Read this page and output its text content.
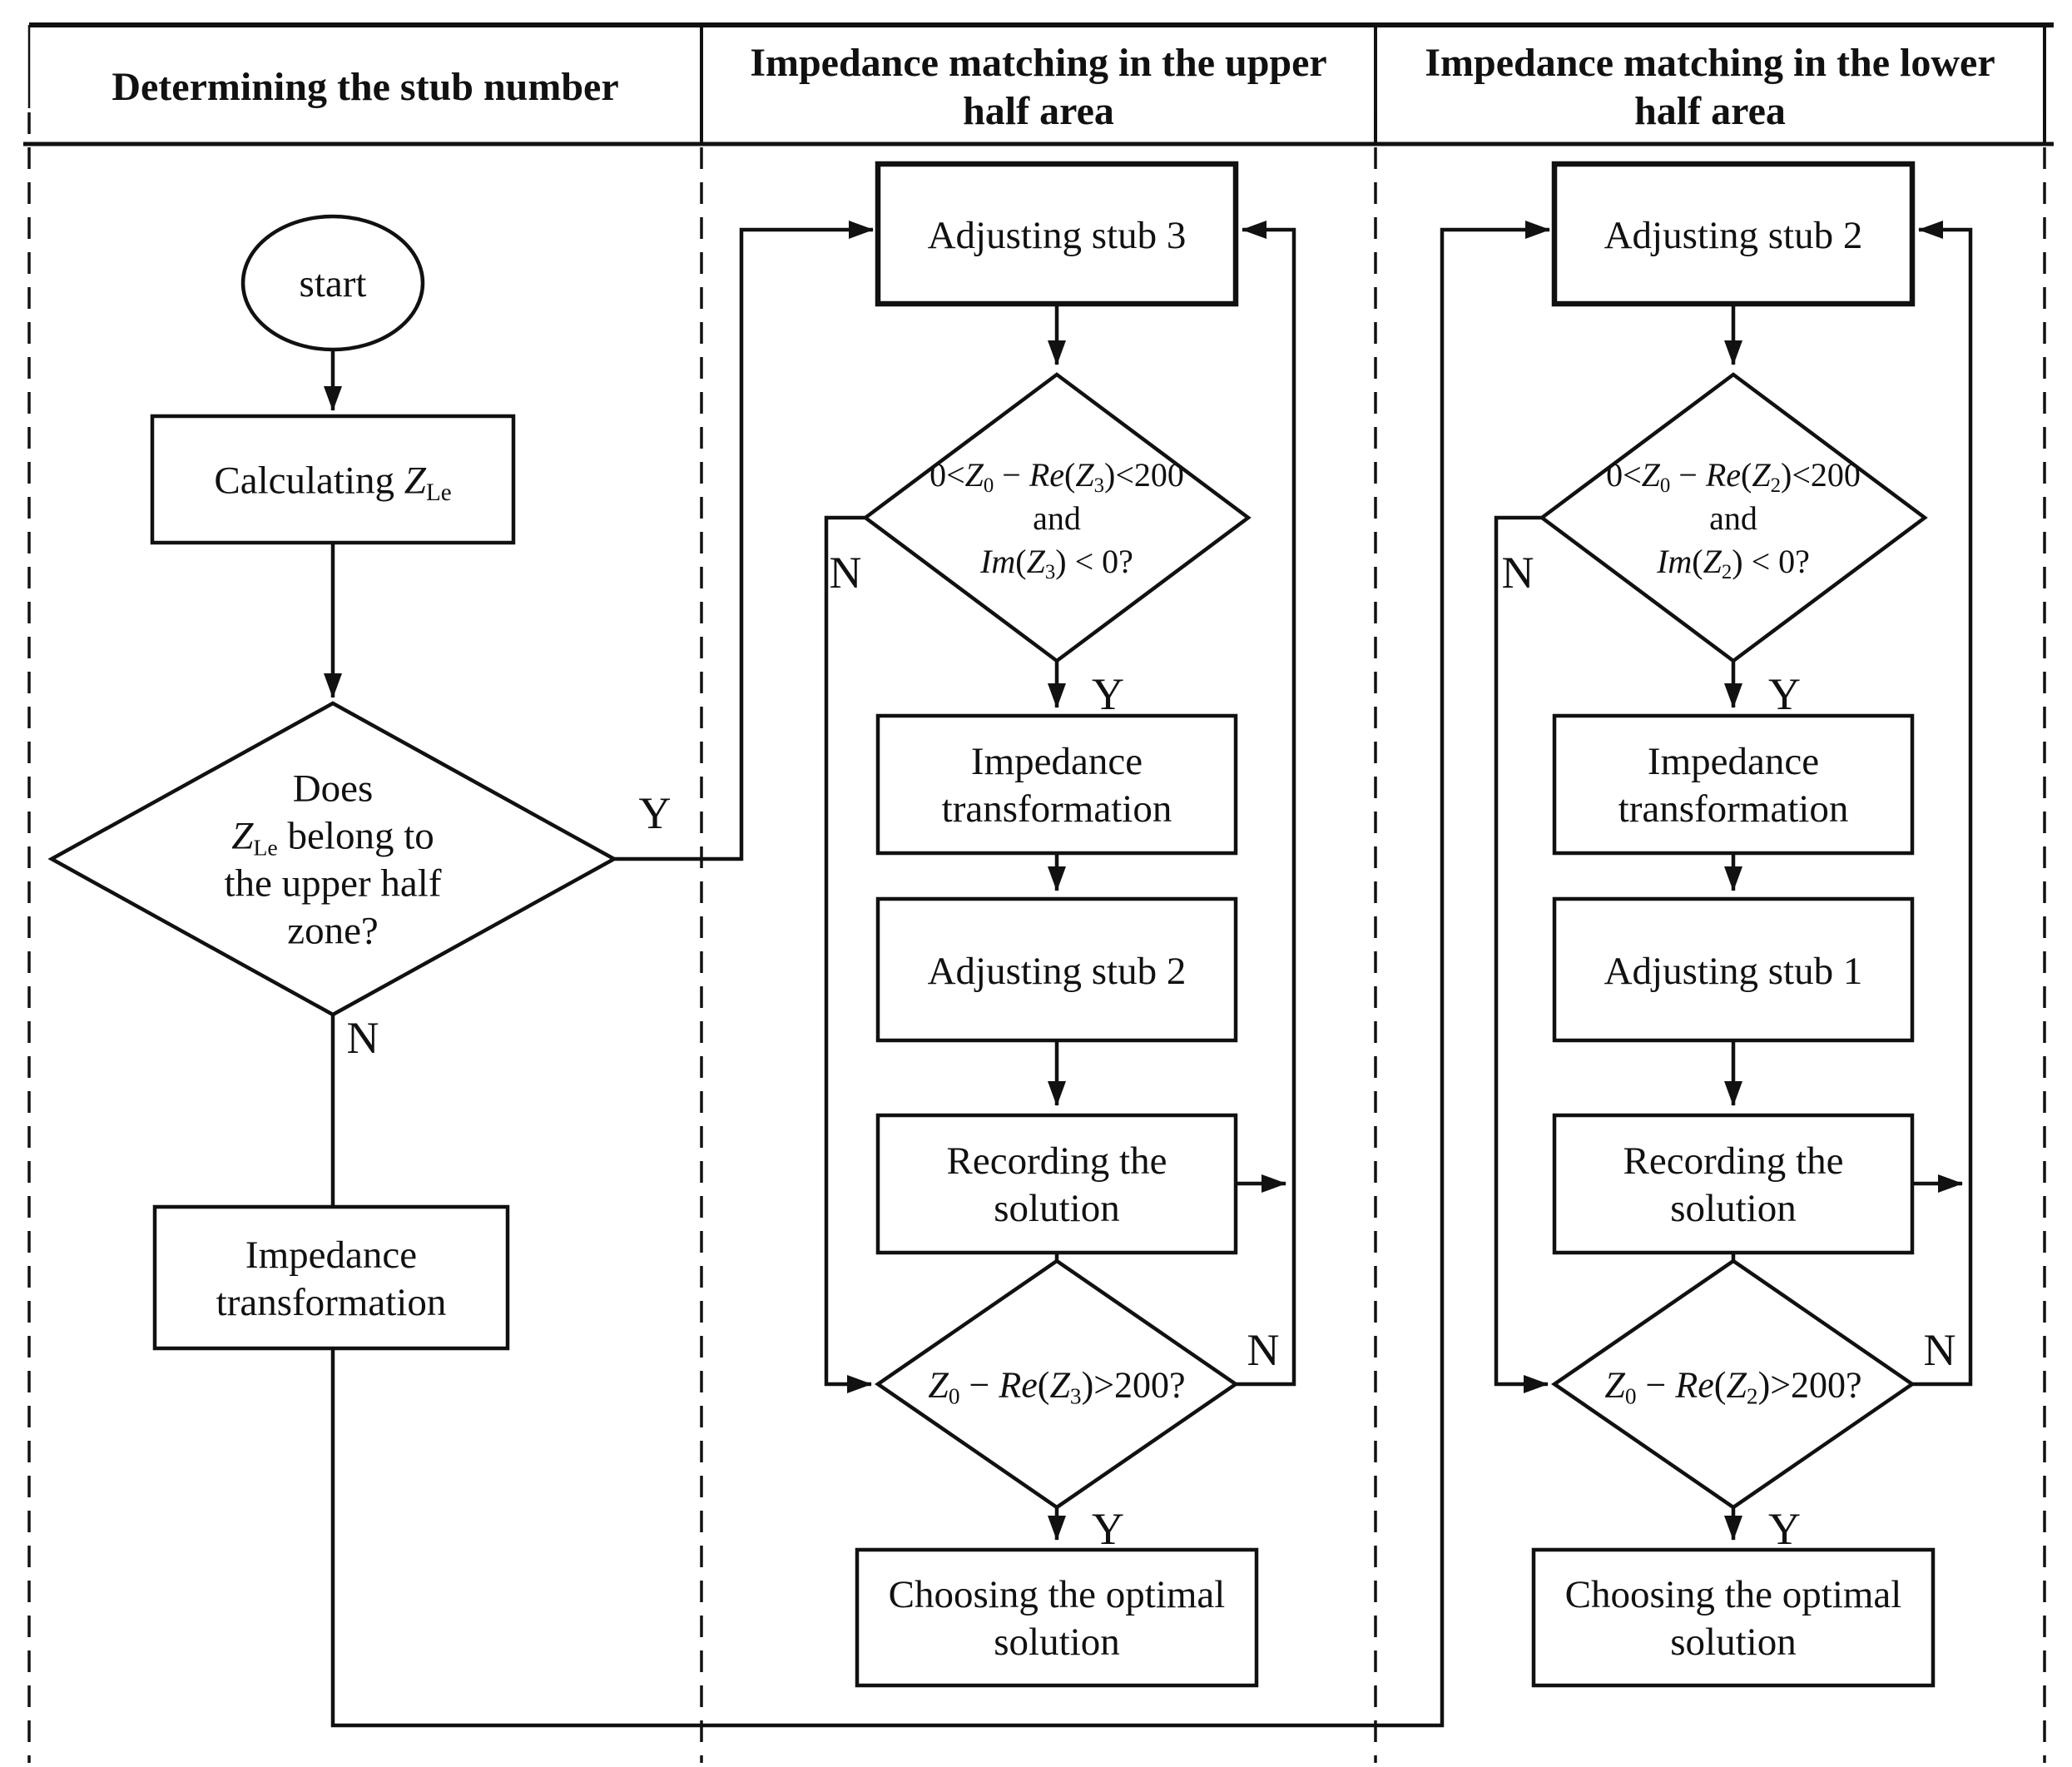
Determining the stub number
Impedance matching in the upper half area
Impedance matching in the lower half area
start
Calculating ZLe
Does ZLe belong to the upper half zone?
Impedance transformation
Adjusting stub 3
0<Z0 − Re(Z3)<200 and Im(Z3) < 0?
Impedance transformation
Adjusting stub 2
Recording the solution
Z0 − Re(Z3)>200?
Choosing the optimal solution
Adjusting stub 2
0<Z0 − Re(Z2)<200 and Im(Z2) < 0?
Impedance transformation
Adjusting stub 1
Recording the solution
Z0 − Re(Z2)>200?
Choosing the optimal solution
Y
N
N
Y
N
Y
N
Y
N
Y
